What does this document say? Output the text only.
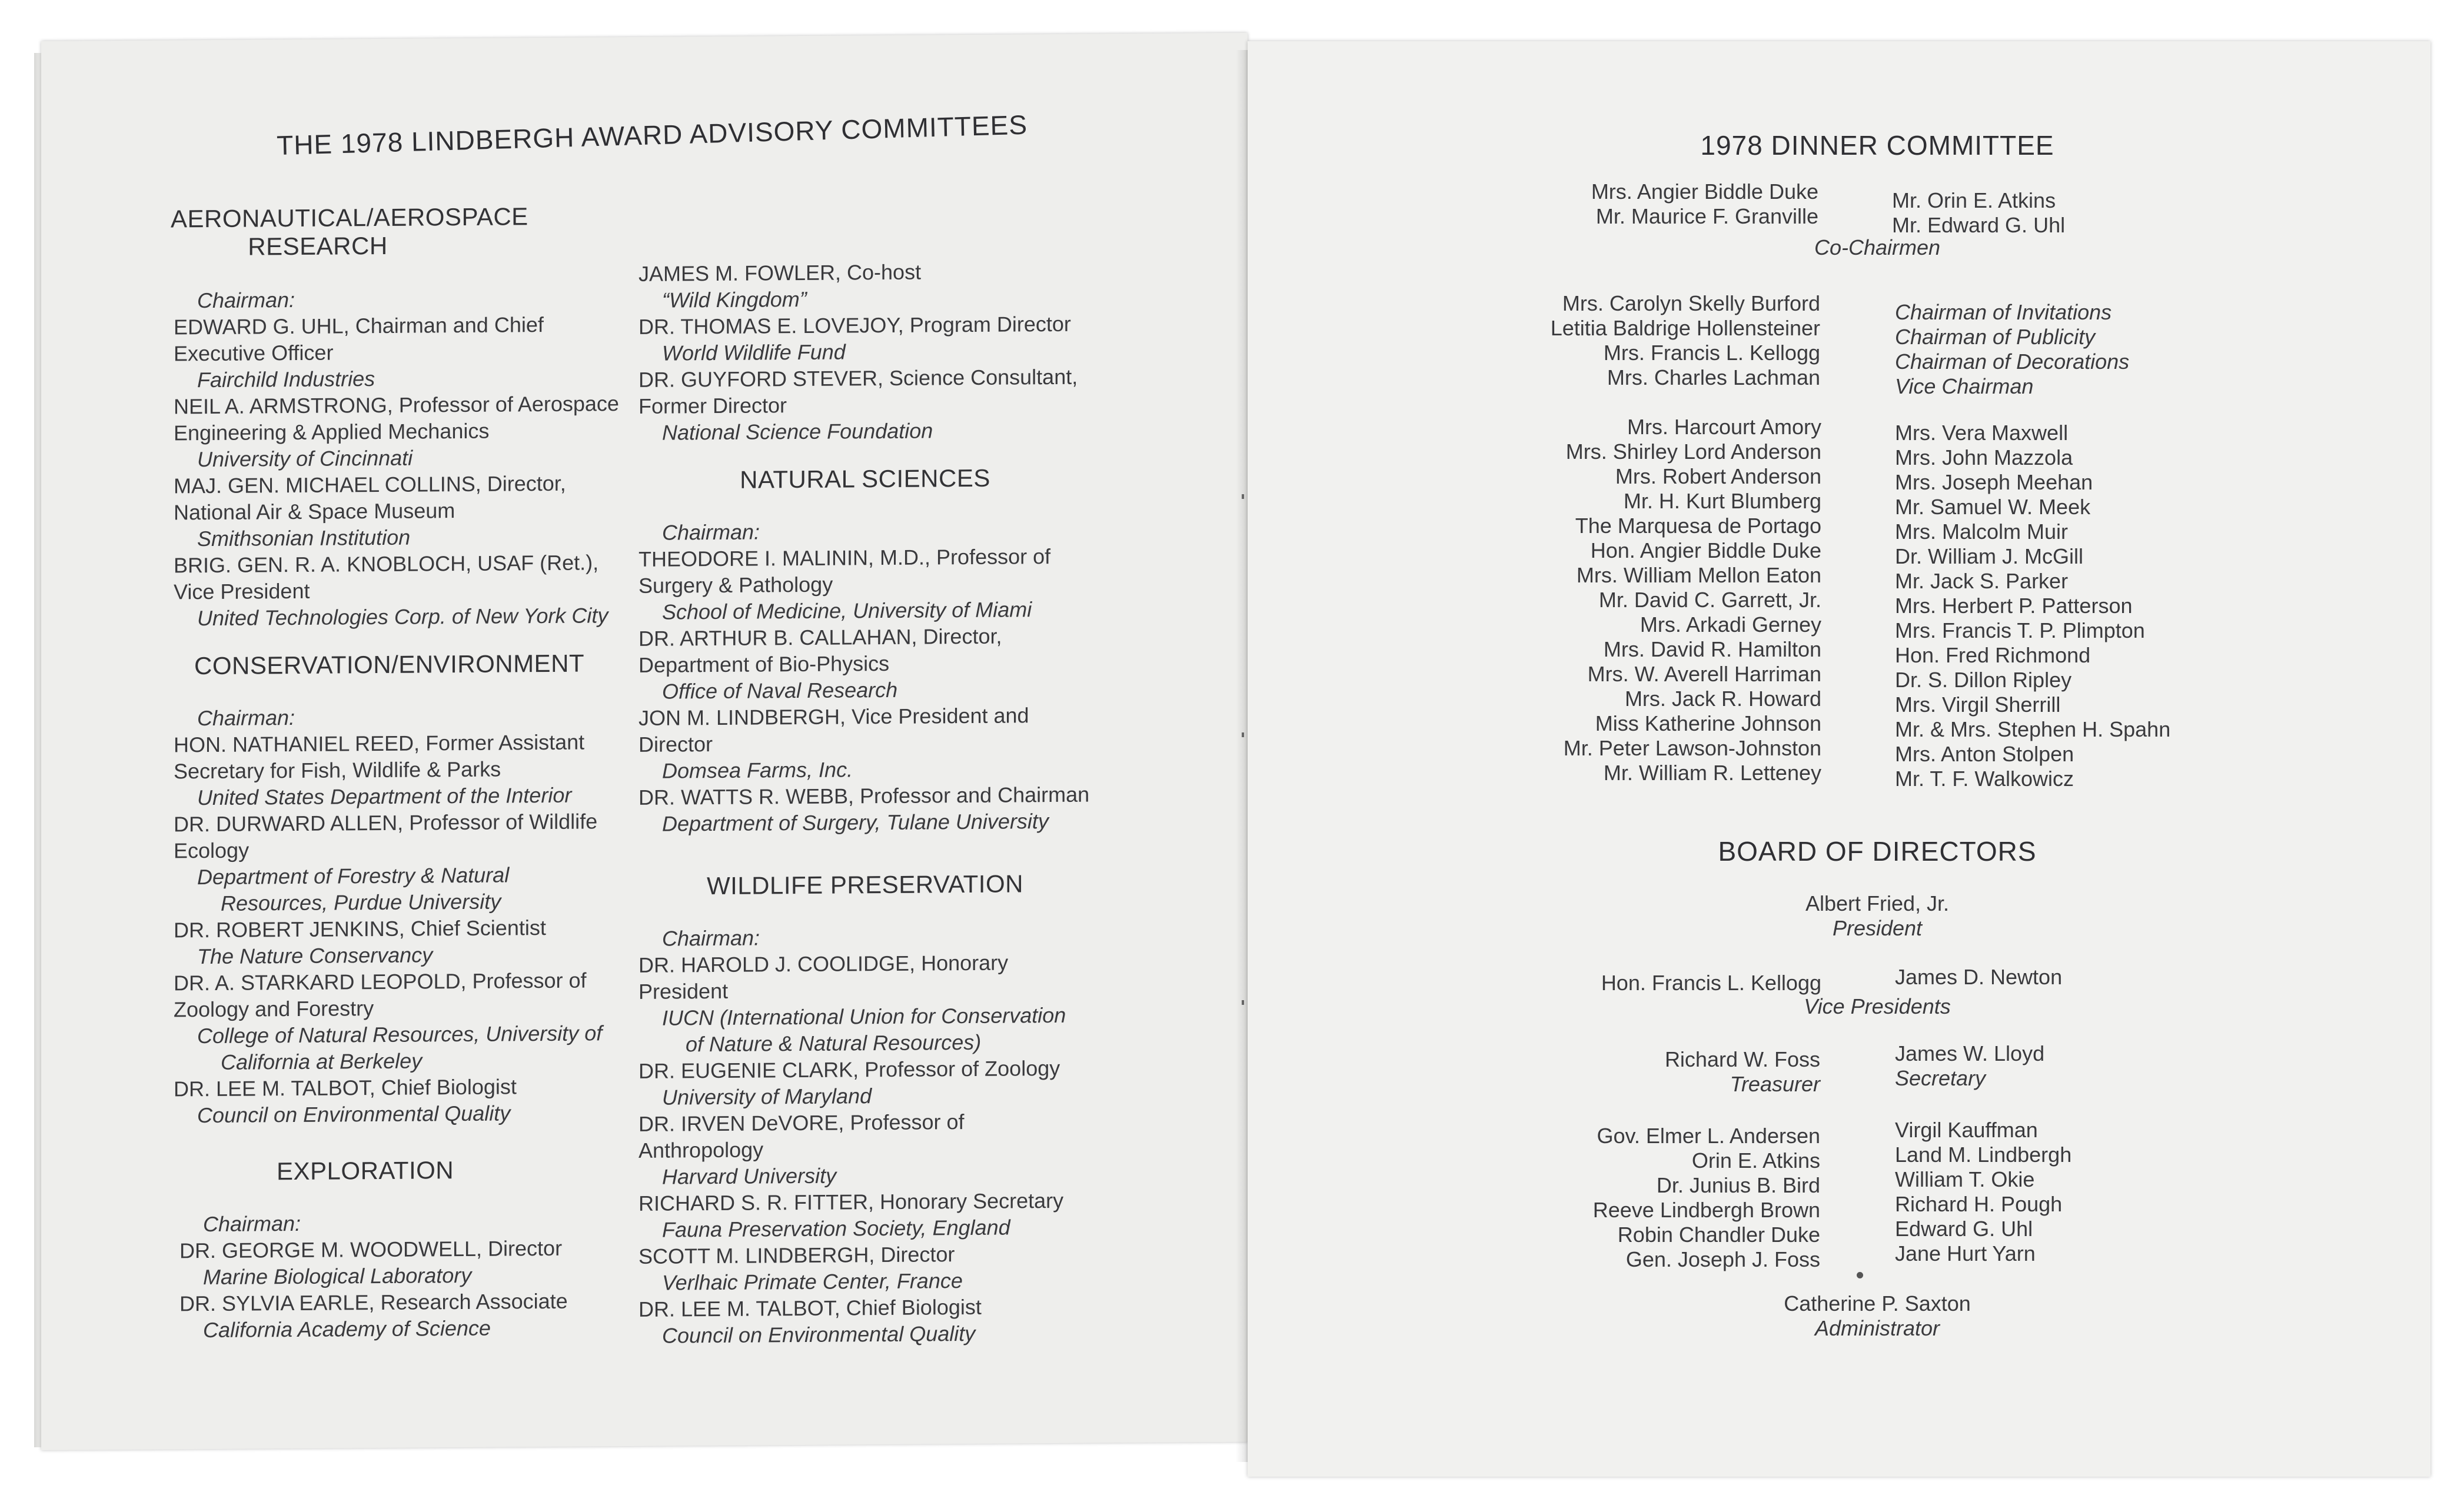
THE 1978 LINDBERGH AWARD ADVISORY COMMITTEES
AERONAUTICAL/AEROSPACE
RESEARCH
Chairman:
EDWARD G. UHL, Chairman and Chief
Executive Officer
Fairchild Industries
NEIL A. ARMSTRONG, Professor of Aerospace
Engineering & Applied Mechanics
University of Cincinnati
MAJ. GEN. MICHAEL COLLINS, Director,
National Air & Space Museum
Smithsonian Institution
BRIG. GEN. R. A. KNOBLOCH, USAF (Ret.),
Vice President
United Technologies Corp. of New York City
CONSERVATION/ENVIRONMENT
Chairman:
HON. NATHANIEL REED, Former Assistant
Secretary for Fish, Wildlife & Parks
United States Department of the Interior
DR. DURWARD ALLEN, Professor of Wildlife
Ecology
Department of Forestry & Natural
Resources, Purdue University
DR. ROBERT JENKINS, Chief Scientist
The Nature Conservancy
DR. A. STARKARD LEOPOLD, Professor of
Zoology and Forestry
College of Natural Resources, University of
California at Berkeley
DR. LEE M. TALBOT, Chief Biologist
Council on Environmental Quality
EXPLORATION
Chairman:
DR. GEORGE M. WOODWELL, Director
Marine Biological Laboratory
DR. SYLVIA EARLE, Research Associate
California Academy of Science
JAMES M. FOWLER, Co-host
“Wild Kingdom”
DR. THOMAS E. LOVEJOY, Program Director
World Wildlife Fund
DR. GUYFORD STEVER, Science Consultant,
Former Director
National Science Foundation
NATURAL SCIENCES
Chairman:
THEODORE I. MALININ, M.D., Professor of
Surgery & Pathology
School of Medicine, University of Miami
DR. ARTHUR B. CALLAHAN, Director,
Department of Bio-Physics
Office of Naval Research
JON M. LINDBERGH, Vice President and
Director
Domsea Farms, Inc.
DR. WATTS R. WEBB, Professor and Chairman
Department of Surgery, Tulane University
WILDLIFE PRESERVATION
Chairman:
DR. HAROLD J. COOLIDGE, Honorary
President
IUCN (International Union for Conservation
of Nature & Natural Resources)
DR. EUGENIE CLARK, Professor of Zoology
University of Maryland
DR. IRVEN DeVORE, Professor of
Anthropology
Harvard University
RICHARD S. R. FITTER, Honorary Secretary
Fauna Preservation Society, England
SCOTT M. LINDBERGH, Director
Verlhaic Primate Center, France
DR. LEE M. TALBOT, Chief Biologist
Council on Environmental Quality
1978 DINNER COMMITTEE
Mrs. Angier Biddle Duke
Mr. Maurice F. Granville
Mr. Orin E. Atkins
Mr. Edward G. Uhl
Co-Chairmen
Mrs. Carolyn Skelly Burford
Letitia Baldrige Hollensteiner
Mrs. Francis L. Kellogg
Mrs. Charles Lachman
Chairman of Invitations
Chairman of Publicity
Chairman of Decorations
Vice Chairman
Mrs. Harcourt Amory
Mrs. Shirley Lord Anderson
Mrs. Robert Anderson
Mr. H. Kurt Blumberg
The Marquesa de Portago
Hon. Angier Biddle Duke
Mrs. William Mellon Eaton
Mr. David C. Garrett, Jr.
Mrs. Arkadi Gerney
Mrs. David R. Hamilton
Mrs. W. Averell Harriman
Mrs. Jack R. Howard
Miss Katherine Johnson
Mr. Peter Lawson-Johnston
Mr. William R. Letteney
Mrs. Vera Maxwell
Mrs. John Mazzola
Mrs. Joseph Meehan
Mr. Samuel W. Meek
Mrs. Malcolm Muir
Dr. William J. McGill
Mr. Jack S. Parker
Mrs. Herbert P. Patterson
Mrs. Francis T. P. Plimpton
Hon. Fred Richmond
Dr. S. Dillon Ripley
Mrs. Virgil Sherrill
Mr. & Mrs. Stephen H. Spahn
Mrs. Anton Stolpen
Mr. T. F. Walkowicz
BOARD OF DIRECTORS
Albert Fried, Jr.
President
Hon. Francis L. Kellogg	James D. Newton
Vice Presidents
Richard W. Foss
Treasurer
James W. Lloyd
Secretary
Gov. Elmer L. Andersen
Orin E. Atkins
Dr. Junius B. Bird
Reeve Lindbergh Brown
Robin Chandler Duke
Gen. Joseph J. Foss
Virgil Kauffman
Land M. Lindbergh
William T. Okie
Richard H. Pough
Edward G. Uhl
Jane Hurt Yarn
Catherine P. Saxton
Administrator
